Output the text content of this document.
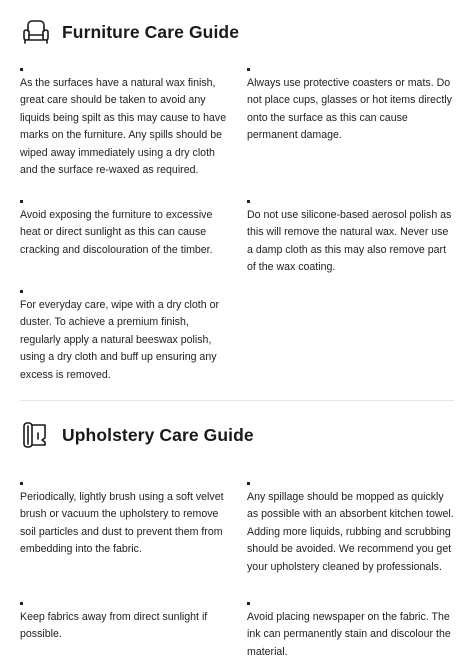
Furniture Care Guide
As the surfaces have a natural wax finish, great care should be taken to avoid any liquids being spilt as this may cause to have marks on the furniture. Any spills should be wiped away immediately using a dry cloth and the surface re-waxed as required.
Always use protective coasters or mats. Do not place cups, glasses or hot items directly onto the surface as this can cause permanent damage.
Avoid exposing the furniture to excessive heat or direct sunlight as this can cause cracking and discolouration of the timber.
Do not use silicone-based aerosol polish as this will remove the natural wax. Never use a damp cloth as this may also remove part of the wax coating.
For everyday care, wipe with a dry cloth or duster. To achieve a premium finish, regularly apply a natural beeswax polish, using a dry cloth and buff up ensuring any excess is removed.
Upholstery Care Guide
Periodically, lightly brush using a soft velvet brush or vacuum the upholstery to remove soil particles and dust to prevent them from embedding into the fabric.
Any spillage should be mopped as quickly as possible with an absorbent kitchen towel. Adding more liquids, rubbing and scrubbing should be avoided. We recommend you get your upholstery cleaned by professionals.
Keep fabrics away from direct sunlight if possible.
Avoid placing newspaper on the fabric. The ink can permanently stain and discolour the material.
